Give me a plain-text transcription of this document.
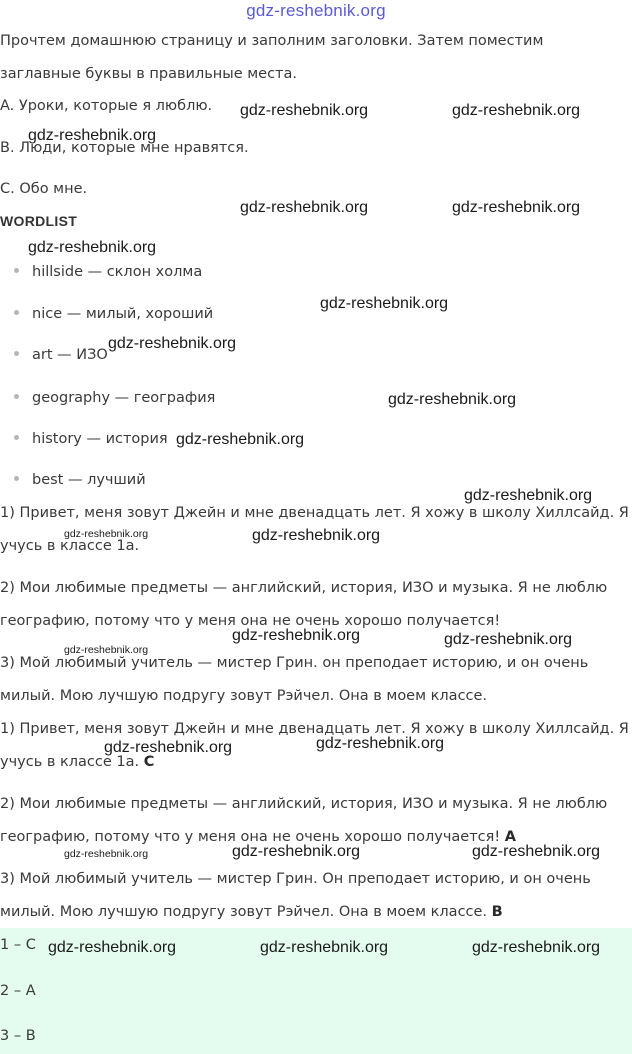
gdz-reshebnik.org
Прочтем домашнюю страницу и заполним заголовки. Затем поместим
заглавные буквы в правильные места.
A. Уроки, которые я люблю.
B. Люди, которые мне нравятся.
C. Обо мне.
WORDLIST
hillside — склон холма
nice — милый, хороший
art — ИЗО
geography — география
history — история
best — лучший
1) Привет, меня зовут Джейн и мне двенадцать лет. Я хожу в школу Хиллсайд. Я
учусь в классе 1а.
2) Мои любимые предметы — английский, история, ИЗО и музыка. Я не люблю
географию, потому что у меня она не очень хорошо получается!
3) Мой любимый учитель — мистер Грин. он преподает историю, и он очень
милый. Мою лучшую подругу зовут Рэйчел. Она в моем классе.
1) Привет, меня зовут Джейн и мне двенадцать лет. Я хожу в школу Хиллсайд. Я
учусь в классе 1а. C
2) Мои любимые предметы — английский, история, ИЗО и музыка. Я не люблю
географию, потому что у меня она не очень хорошо получается! A
3) Мой любимый учитель — мистер Грин. Он преподает историю, и он очень
милый. Мою лучшую подругу зовут Рэйчел. Она в моем классе. B
1 – C
2 – A
3 – B
gdz-reshebnik.org	gdz-reshebnik.org
gdz-reshebnik.org
gdz-reshebnik.org	gdz-reshebnik.org
gdz-reshebnik.org
gdz-reshebnik.org
gdz-reshebnik.org
gdz-reshebnik.org
gdz-reshebnik.org
gdz-reshebnik.org
gdz-reshebnik.org	gdz-reshebnik.org
gdz-reshebnik.org	gdz-reshebnik.org
gdz-reshebnik.org
gdz-reshebnik.org
gdz-reshebnik.org
gdz-reshebnik.org	gdz-reshebnik.org
gdz-reshebnik.org
gdz-reshebnik.org	gdz-reshebnik.org	gdz-reshebnik.org
